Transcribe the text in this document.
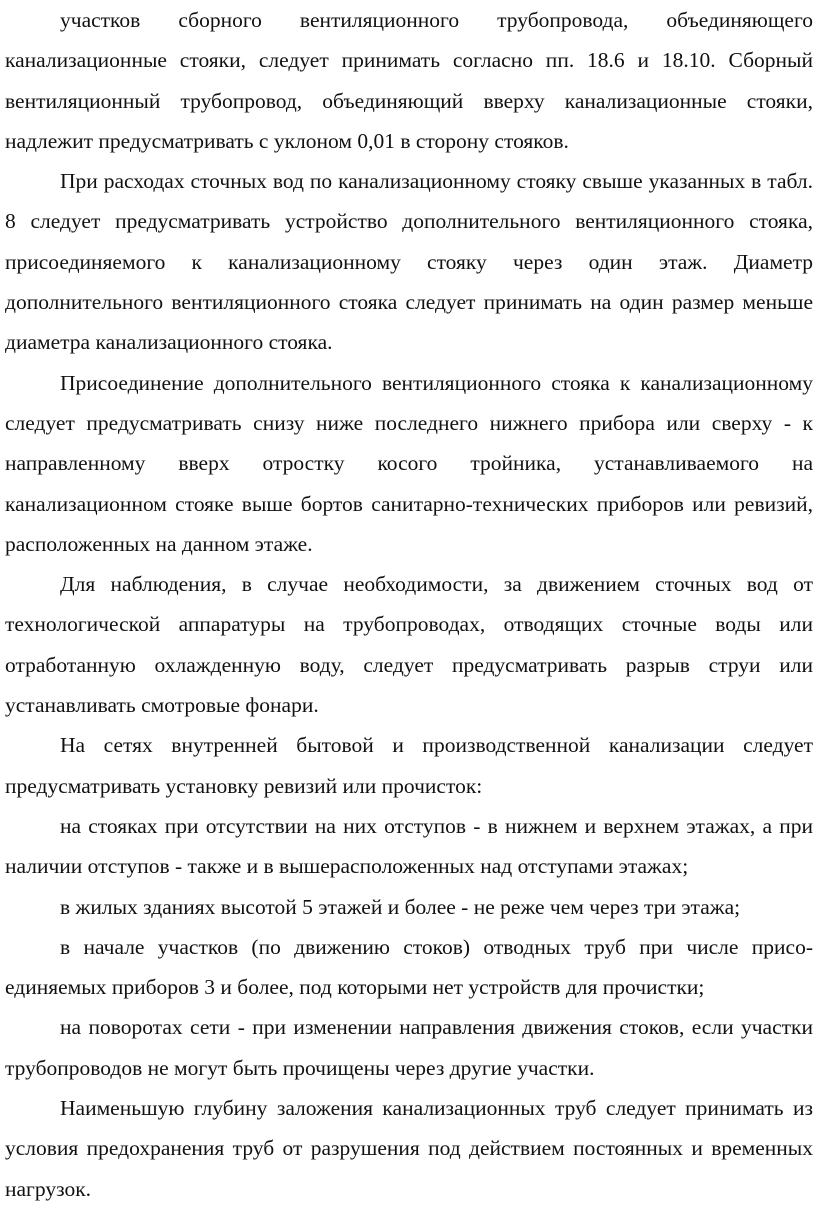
участков сборного вентиляционного трубопровода, объединяющего канализационные стояки, следует принимать согласно пп. 18.6 и 18.10. Сборный вентиляционный трубопровод, объединяющий вверху канализационные стояки, надлежит предусматривать с уклоном 0,01 в сторону стояков.

При расходах сточных вод по канализационному стояку свыше указанных в табл. 8 следует предусматривать устройство дополнительного вентиляционного стояка, присоединяемого к канализационному стояку через один этаж. Диаметр дополнительного вентиляционного стояка следует принимать на один размер меньше диаметра канализационного стояка.

Присоединение дополнительного вентиляционного стояка к канализационному следует предусматривать снизу ниже последнего нижнего прибора или сверху - к направленному вверх отростку косого тройника, устанавливаемого на канализационном стояке выше бортов санитарно-технических приборов или ревизий, расположенных на данном этаже.

Для наблюдения, в случае необходимости, за движением сточных вод от технологической аппаратуры на трубопроводах, отводящих сточные воды или отработанную охлажденную воду, следует предусматривать разрыв струи или устанавливать смотровые фонари.

На сетях внутренней бытовой и производственной канализации следует предусматривать установку ревизий или прочисток:

на стояках при отсутствии на них отступов - в нижнем и верхнем этажах, а при наличии отступов - также и в вышерасположенных над отступами этажах;

в жилых зданиях высотой 5 этажей и более - не реже чем через три этажа;

в начале участков (по движению стоков) отводных труб при числе присоединяемых приборов 3 и более, под которыми нет устройств для прочистки;

на поворотах сети - при изменении направления движения стоков, если участки трубопроводов не могут быть прочищены через другие участки.

Наименьшую глубину заложения канализационных труб следует принимать из условия предохранения труб от разрушения под действием постоянных и временных нагрузок.
